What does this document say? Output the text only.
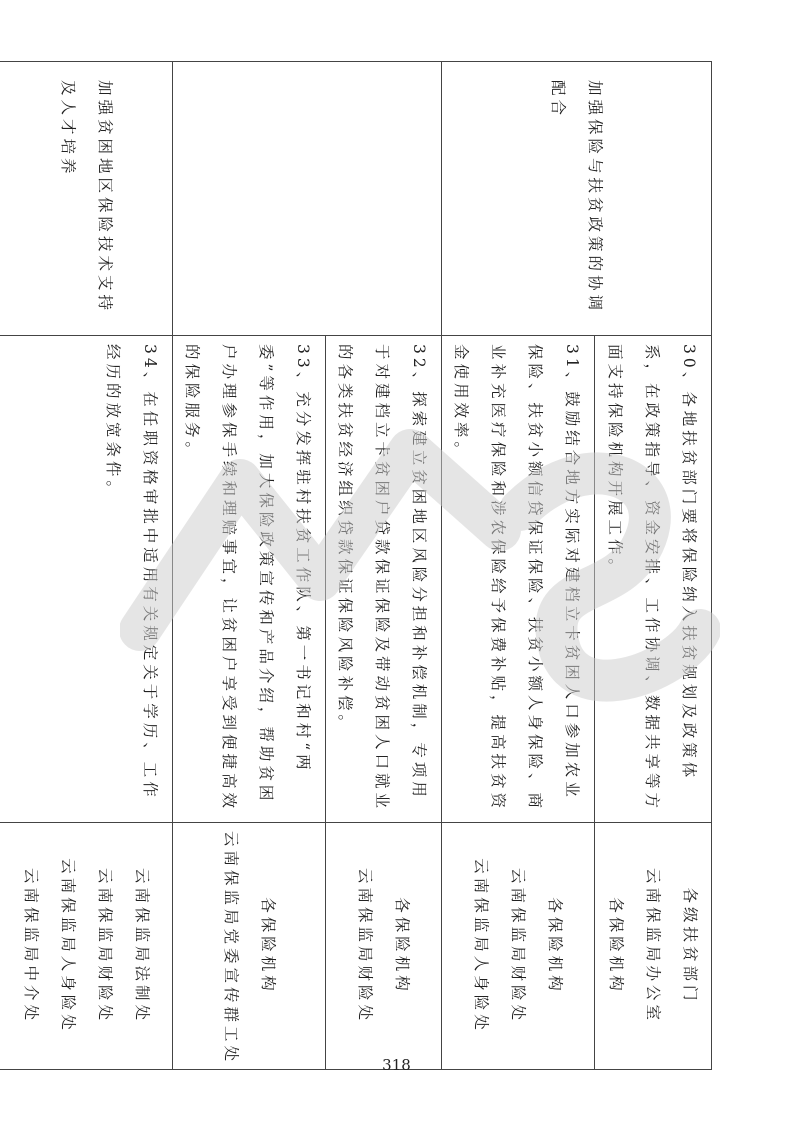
加强保险与扶贫政策的协调配合	30、各地扶贫部门要将保险纳入扶贫规划及政策体系，在政策指导、资金安排、工作协调、数据共享等方面支持保险机构开展工作。	各级扶贫部门
云南保监局办公室
各保险机构

	31、鼓励结合地方实际对建档立卡贫困人口参加农业保险、扶贫小额信贷保证保险、扶贫小额人身保险、商业补充医疗保险和涉农保险给予保费补贴，提高扶贫资金使用效率。	各保险机构
云南保监局财险处
云南保监局人身险处

	32、探索建立贫困地区风险分担和补偿机制，专项用于对建档立卡贫困户贷款保证保险及带动贫困人口就业的各类扶贫经济组织贷款保证保险风险补偿。	各保险机构
云南保监局财险处

	33、充分发挥驻村扶贫工作队、第一书记和村“两委”等作用，加大保险政策宣传和产品介绍，帮助贫困户办理参保手续和理赔事宜，让贫困户享受到便捷高效的保险服务。	各保险机构
云南保监局党委宣传群工处

加强贫困地区保险技术支持及人才培养	34、在任职资格审批中适用有关规定关于学历、工作经历的放宽条件。	云南保监局法制处
云南保监局财险处
云南保监局人身险处
云南保监局中介处
318
